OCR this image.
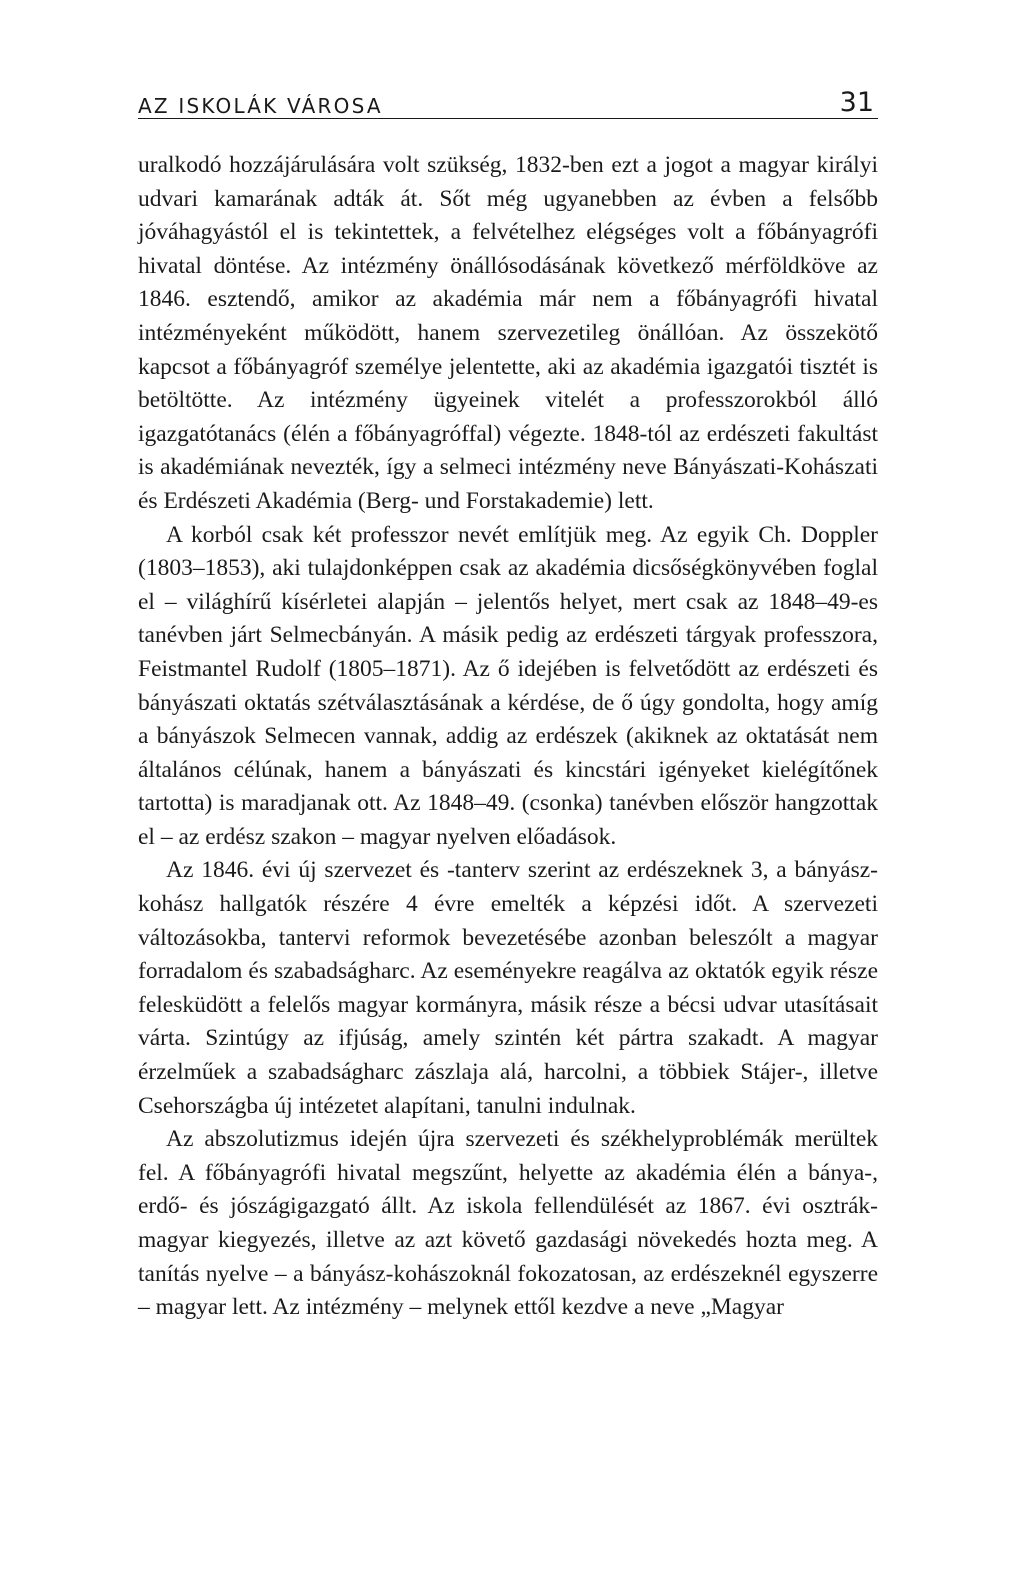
AZ ISKOLÁK VÁROSA	31

uralkodó hozzájárulására volt szükség, 1832-ben ezt a jogot a magyar királyi udvari kamarának adták át. Sőt még ugyanebben az évben a felsőbb jóváhagyástól el is tekintettek, a felvételhez elégséges volt a főbányagrófi hivatal döntése. Az intézmény önállósodásának következő mérföldköve az 1846. esztendő, amikor az akadémia már nem a főbányagrófi hivatal intézményeként működött, hanem szervezetileg önállóan. Az összekötő kapcsot a főbányagróf személye jelentette, aki az akadémia igazgatói tisztét is betöltötte. Az intézmény ügyeinek vitelét a professzorokból álló igazgatótanács (élén a főbányagróffal) végezte. 1848-tól az erdészeti fakultást is akadémiának nevezték, így a selmeci intézmény neve Bányászati-Kohászati és Erdészeti Akadémia (Berg- und Forstakademie) lett.

A korból csak két professzor nevét említjük meg. Az egyik Ch. Doppler (1803–1853), aki tulajdonképpen csak az akadémia dicsőségkönyvében foglal el – világhírű kísérletei alapján – jelentős helyet, mert csak az 1848–49-es tanévben járt Selmecbányán. A másik pedig az erdészeti tárgyak professzora, Feistmantel Rudolf (1805–1871). Az ő idejében is felvetődött az erdészeti és bányászati oktatás szétválasztásának a kérdése, de ő úgy gondolta, hogy amíg a bányászok Selmecen vannak, addig az erdészek (akiknek az oktatását nem általános célúnak, hanem a bányászati és kincstári igényeket kielégítőnek tartotta) is maradjanak ott. Az 1848–49. (csonka) tanévben először hangzottak el – az erdész szakon – magyar nyelven előadások.

Az 1846. évi új szervezet és -tanterv szerint az erdészeknek 3, a bányász-kohász hallgatók részére 4 évre emelték a képzési időt. A szervezeti változásokba, tantervi reformok bevezetésébe azonban beleszólt a magyar forradalom és szabadságharc. Az eseményekre reagálva az oktatók egyik része felesküdött a felelős magyar kormányra, másik része a bécsi udvar utasításait várta. Szintúgy az ifjúság, amely szintén két pártra szakadt. A magyar érzelműek a szabadságharc zászlaja alá, harcolni, a többiek Stájer-, illetve Csehországba új intézetet alapítani, tanulni indulnak.

Az abszolutizmus idején újra szervezeti és székhelyproblémák merültek fel. A főbányagrófi hivatal megszűnt, helyette az akadémia élén a bánya-, erdő- és jószágigazgató állt. Az iskola fellendülését az 1867. évi osztrák-magyar kiegyezés, illetve az azt követő gazdasági növekedés hozta meg. A tanítás nyelve – a bányász-kohászoknál fokozatosan, az erdészeknél egyszerre – magyar lett. Az intézmény – melynek ettől kezdve a neve „Magyar
